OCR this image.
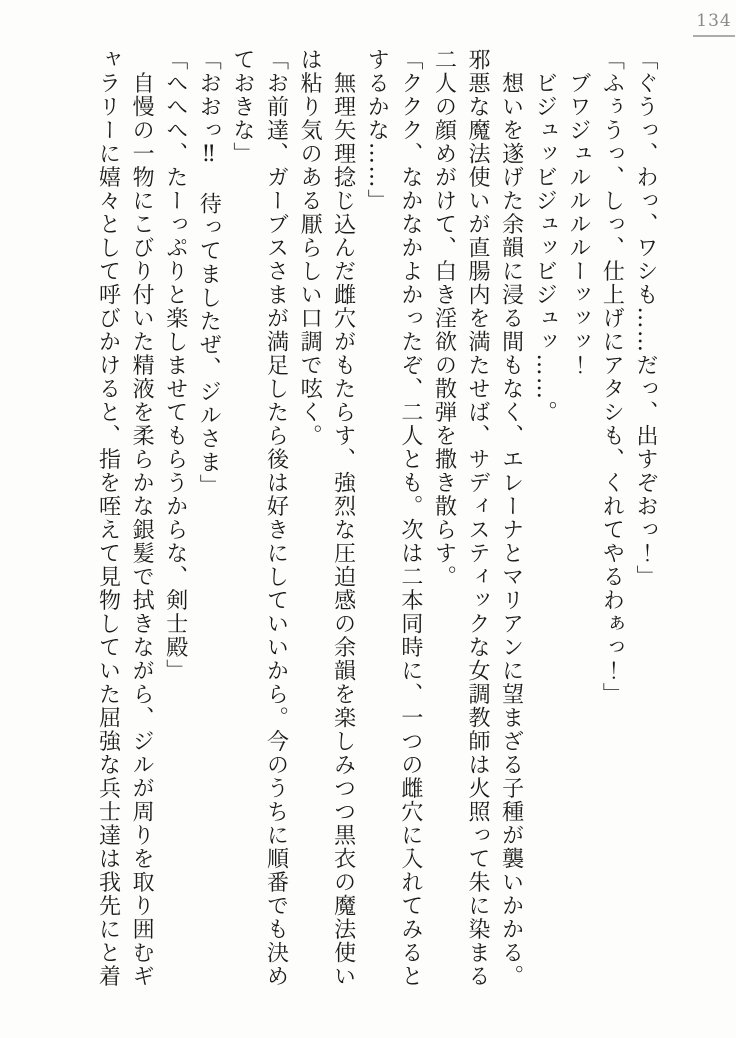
134
「ぐうっ、わっ、ワシも……だっ、出すぞおっ！」
「ふぅうっ、しっ、仕上げにアタシも、くれてやるわぁっ！」
　ブワジュルルルルーッッッ！
　ビジュッビジュッビジュッ……。
　想いを遂げた余韻に浸る間もなく、エレーナとマリアンに望まざる子種が襲いかかる。
邪悪な魔法使いが直腸内を満たせば、サディスティックな女調教師は火照って朱に染まる
二人の顔めがけて、白き淫欲の散弾を撒き散らす。
「ククク、なかなかよかったぞ、二人とも。次は二本同時に、一つの雌穴に入れてみると
するかな……」
　無理矢理捻じ込んだ雌穴がもたらす、強烈な圧迫感の余韻を楽しみつつ黒衣の魔法使い
は粘り気のある厭らしい口調で呟く。
「お前達、ガーブスさまが満足したら後は好きにしていいから。今のうちに順番でも決め
ておきな」
「おおっ‼　待ってましたぜ、ジルさま」
「へへへ、たーっぷりと楽しませてもらうからな、剣士殿」
　自慢の一物にこびり付いた精液を柔らかな銀髪で拭きながら、ジルが周りを取り囲むギ
ャラリーに嬉々として呼びかけると、指を咥えて見物していた屈強な兵士達は我先にと着
